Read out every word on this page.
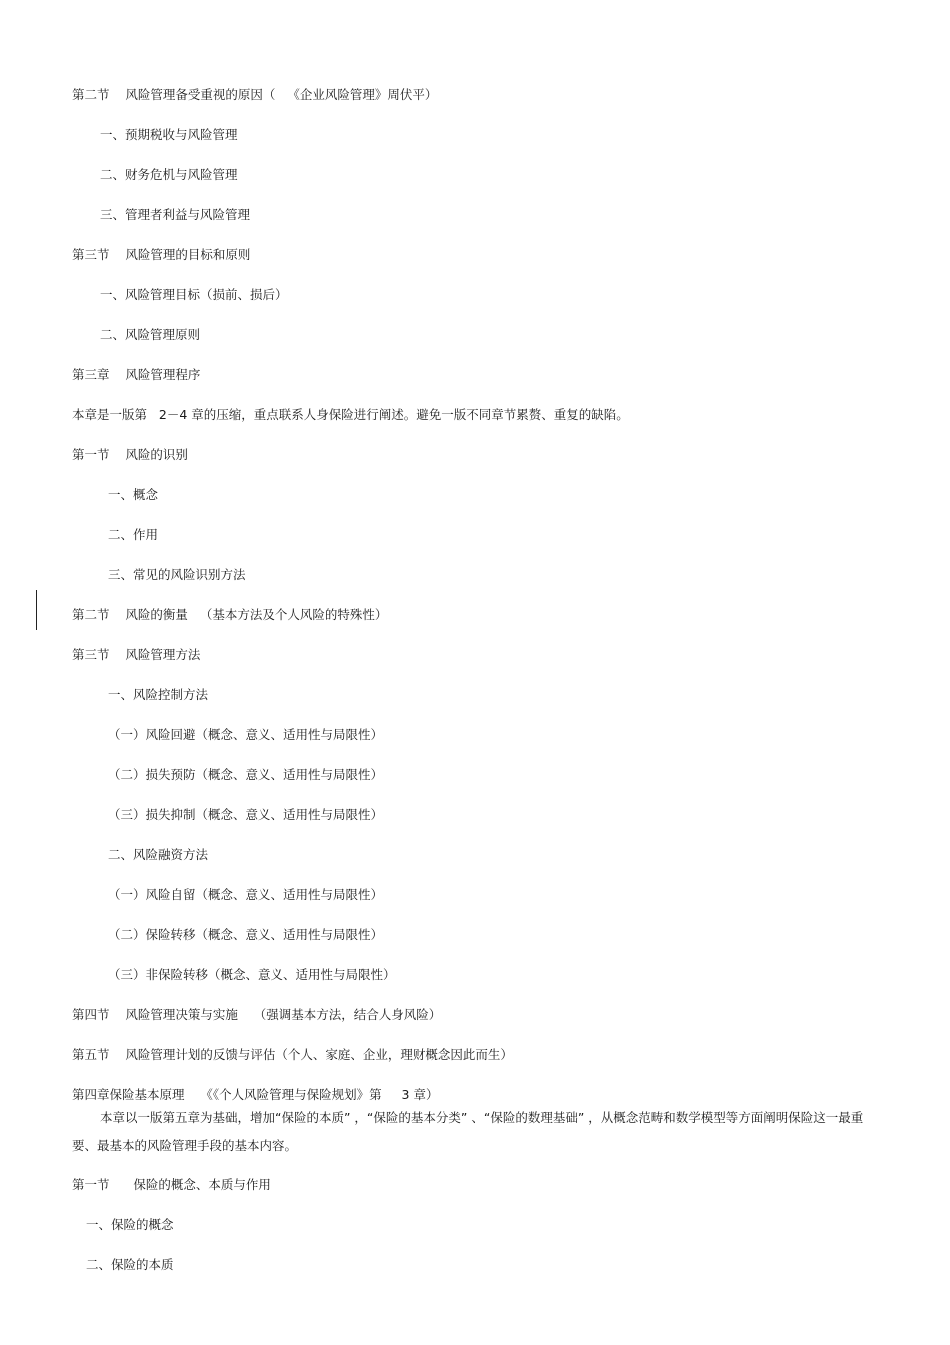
第二节    风险管理备受重视的原因（   《企业风险管理》周伏平）
一、预期税收与风险管理
二、财务危机与风险管理
三、管理者利益与风险管理
第三节    风险管理的目标和原则
一、风险管理目标（损前、损后）
二、风险管理原则
第三章    风险管理程序
本章是一版第   2－4 章的压缩，重点联系人身保险进行阐述。避免一版不同章节累赘、重复的缺陷。
第一节    风险的识别
一、概念
二、作用
三、常见的风险识别方法
第二节    风险的衡量   （基本方法及个人风险的特殊性）
第三节    风险管理方法
一、风险控制方法
（一）风险回避（概念、意义、适用性与局限性）
（二）损失预防（概念、意义、适用性与局限性）
（三）损失抑制（概念、意义、适用性与局限性）
二、风险融资方法
（一）风险自留（概念、意义、适用性与局限性）
（二）保险转移（概念、意义、适用性与局限性）
（三）非保险转移（概念、意义、适用性与局限性）
第四节    风险管理决策与实施    （强调基本方法，结合人身风险）
第五节    风险管理计划的反馈与评估（个人、家庭、企业，理财概念因此而生）
第四章保险基本原理    《《个人风险管理与保险规划》第     3 章）
本章以一版第五章为基础，增加“保险的本质” ，“保险的基本分类” 、“保险的数理基础” ，从概念范畴和数学模型等方面阐明保险这一最重要、最基本的风险管理手段的基本内容。
第一节      保险的概念、本质与作用
一、保险的概念
二、保险的本质
